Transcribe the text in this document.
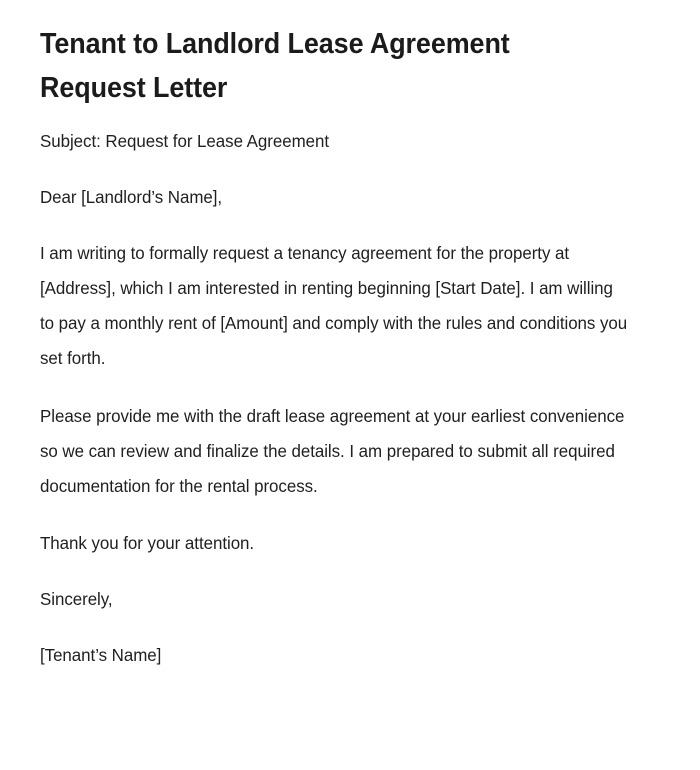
Tenant to Landlord Lease Agreement Request Letter

Subject: Request for Lease Agreement

Dear [Landlord’s Name],

I am writing to formally request a tenancy agreement for the property at [Address], which I am interested in renting beginning [Start Date]. I am willing to pay a monthly rent of [Amount] and comply with the rules and conditions you set forth.

Please provide me with the draft lease agreement at your earliest convenience so we can review and finalize the details. I am prepared to submit all required documentation for the rental process.

Thank you for your attention.

Sincerely,

[Tenant’s Name]
